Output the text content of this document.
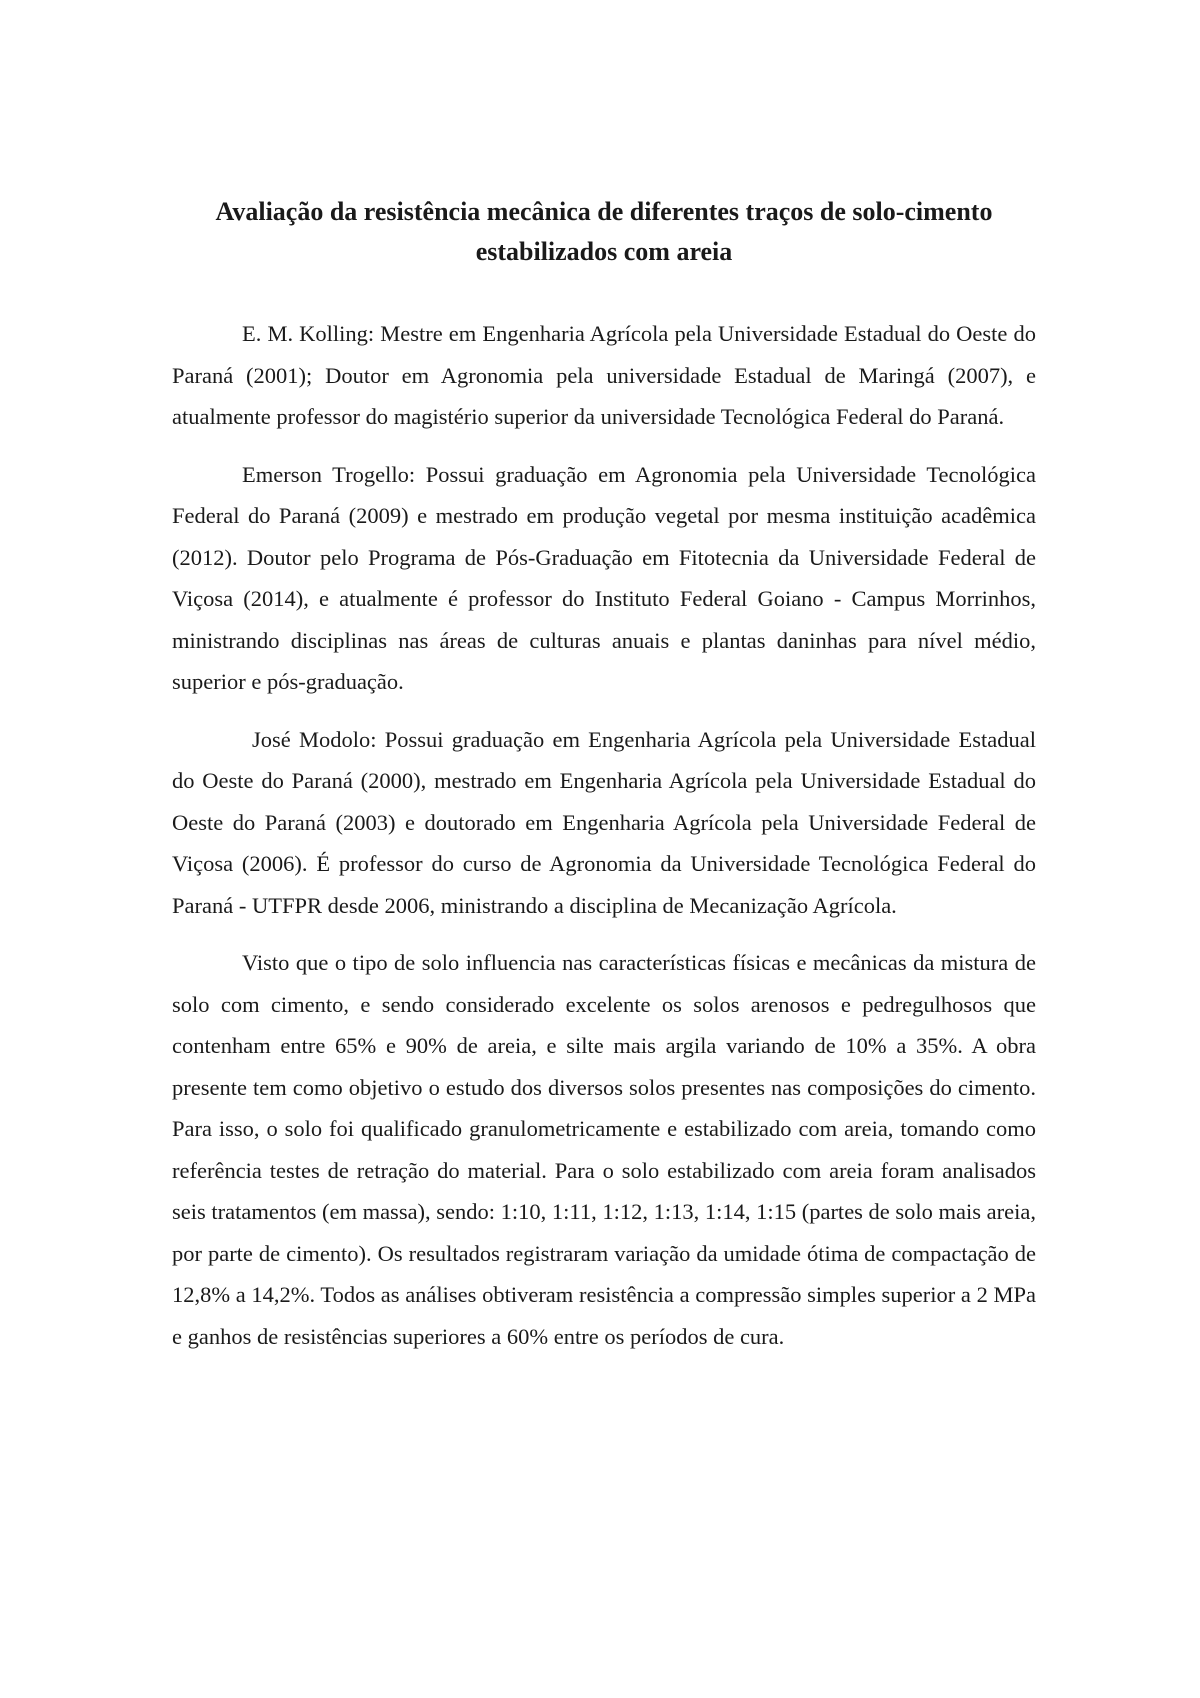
Avaliação da resistência mecânica de diferentes traços de solo-cimento
estabilizados com areia

E. M. Kolling: Mestre em Engenharia Agrícola pela Universidade Estadual do Oeste do Paraná (2001); Doutor em Agronomia pela universidade Estadual de Maringá (2007), e atualmente professor do magistério superior da universidade Tecnológica Federal do Paraná.

Emerson Trogello: Possui graduação em Agronomia pela Universidade Tecnológica Federal do Paraná (2009) e mestrado em produção vegetal por mesma instituição acadêmica (2012). Doutor pelo Programa de Pós-Graduação em Fitotecnia da Universidade Federal de Viçosa (2014), e atualmente é professor do Instituto Federal Goiano - Campus Morrinhos, ministrando disciplinas nas áreas de culturas anuais e plantas daninhas para nível médio, superior e pós-graduação.

José Modolo: Possui graduação em Engenharia Agrícola pela Universidade Estadual do Oeste do Paraná (2000), mestrado em Engenharia Agrícola pela Universidade Estadual do Oeste do Paraná (2003) e doutorado em Engenharia Agrícola pela Universidade Federal de Viçosa (2006). É professor do curso de Agronomia da Universidade Tecnológica Federal do Paraná - UTFPR desde 2006, ministrando a disciplina de Mecanização Agrícola.

Visto que o tipo de solo influencia nas características físicas e mecânicas da mistura de solo com cimento, e sendo considerado excelente os solos arenosos e pedregulhosos que contenham entre 65% e 90% de areia, e silte mais argila variando de 10% a 35%. A obra presente tem como objetivo o estudo dos diversos solos presentes nas composições do cimento. Para isso, o solo foi qualificado granulometricamente e estabilizado com areia, tomando como referência testes de retração do material. Para o solo estabilizado com areia foram analisados seis tratamentos (em massa), sendo: 1:10, 1:11, 1:12, 1:13, 1:14, 1:15 (partes de solo mais areia, por parte de cimento). Os resultados registraram variação da umidade ótima de compactação de 12,8% a 14,2%. Todos as análises obtiveram resistência a compressão simples superior a 2 MPa e ganhos de resistências superiores a 60% entre os períodos de cura.
